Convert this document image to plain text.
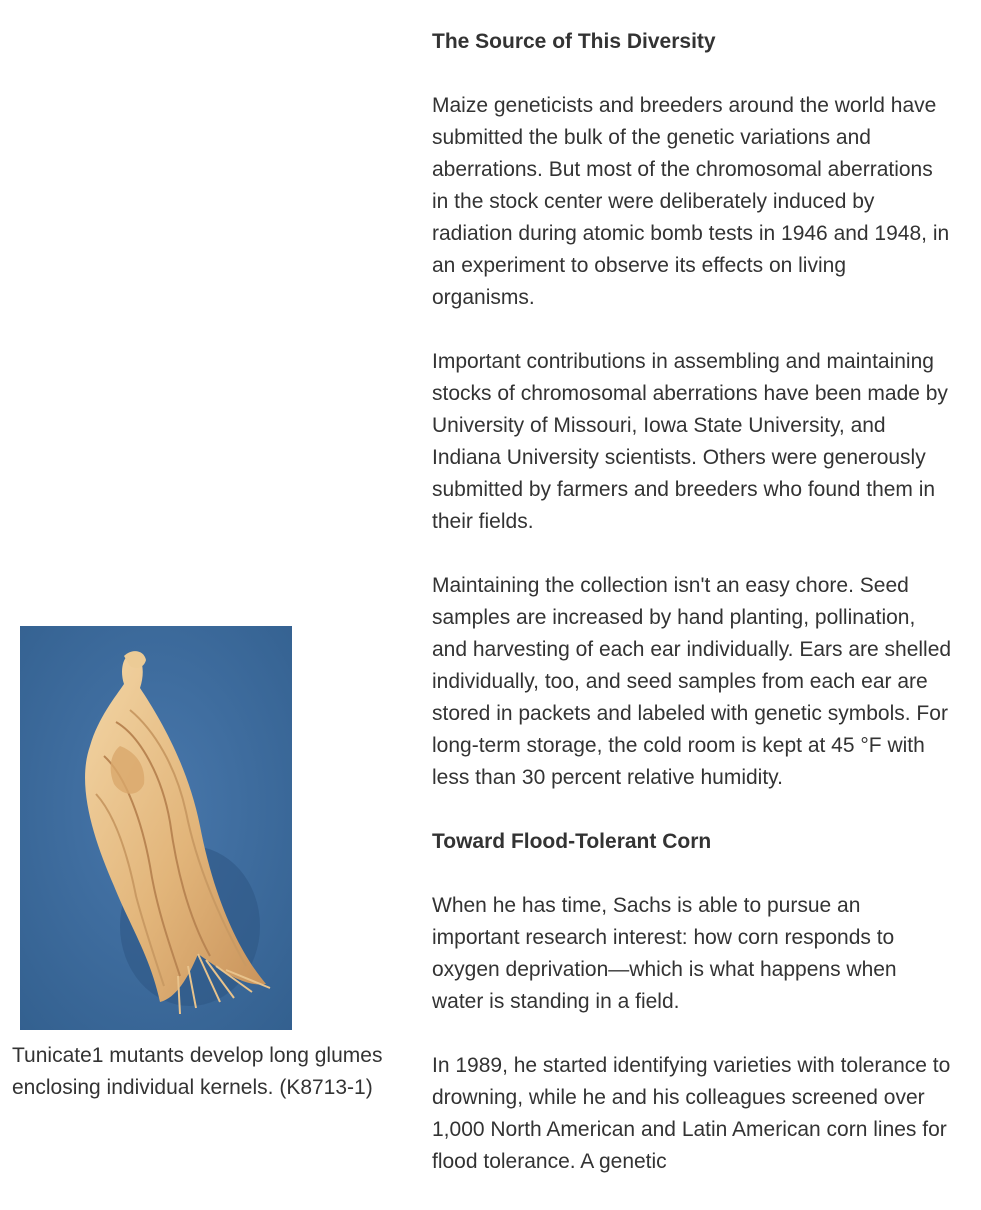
The Source of This Diversity

Maize geneticists and breeders around the world have submitted the bulk of the genetic variations and aberrations. But most of the chromosomal aberrations in the stock center were deliberately induced by radiation during atomic bomb tests in 1946 and 1948, in an experiment to observe its effects on living organisms.

Important contributions in assembling and maintaining stocks of chromosomal aberrations have been made by University of Missouri, Iowa State University, and Indiana University scientists. Others were generously submitted by farmers and breeders who found them in their fields.

Maintaining the collection isn't an easy chore. Seed samples are increased by hand planting, pollination, and harvesting of each ear individually. Ears are shelled individually, too, and seed samples from each ear are stored in packets and labeled with genetic symbols. For long-term storage, the cold room is kept at 45 °F with less than 30 percent relative humidity.

Toward Flood-Tolerant Corn

When he has time, Sachs is able to pursue an important research interest: how corn responds to oxygen deprivation—which is what happens when water is standing in a field.

In 1989, he started identifying varieties with tolerance to drowning, while he and his colleagues screened over 1,000 North American and Latin American corn lines for flood tolerance. A genetic

Tunicate1 mutants develop long glumes enclosing individual kernels. (K8713-1)
